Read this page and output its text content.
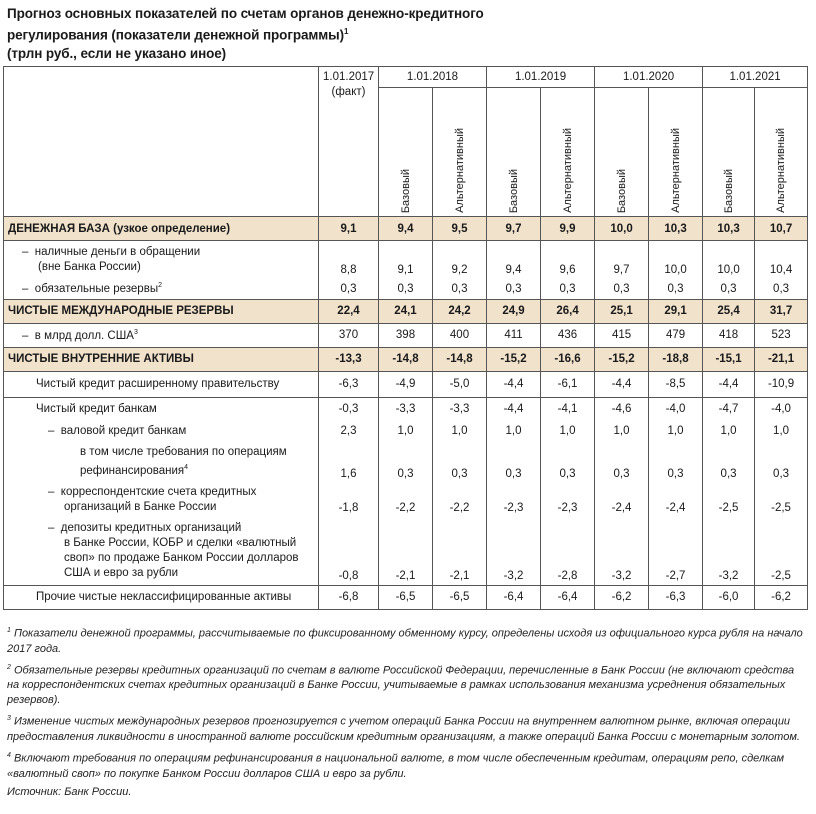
Прогноз основных показателей по счетам органов денежно-кредитного
регулирования (показатели денежной программы)$^1$
(трлн руб., если не указано иное)

	1.01.2017
(факт)	1.01.2018		1.01.2019		1.01.2020		1.01.2021	
		Базовый	Альтернативный	Базовый	Альтернативный	Базовый	Альтернативный	Базовый	Альтернативный
ДЕНЕЖНАЯ БАЗА (узкое определение)	9,1	9,4	9,5	9,7	9,9	10,0	10,3	10,3	10,7

– наличные деньги в обращении
(вне Банка России)	8,8	9,1	9,2	9,4	9,6	9,7	10,0	10,0	10,4
– обязательные резервы$^2$	0,3	0,3	0,3	0,3	0,3	0,3	0,3	0,3	0,3
ЧИСТЫЕ МЕЖДУНАРОДНЫЕ РЕЗЕРВЫ	22,4	24,1	24,2	24,9	26,4	25,1	29,1	25,4	31,7
– в млрд долл. США$^3$	370	398	400	411	436	415	479	418	523
ЧИСТЫЕ ВНУТРЕННИЕ АКТИВЫ	-13,3	-14,8	-14,8	-15,2	-16,6	-15,2	-18,8	-15,1	-21,1
Чистый кредит расширенному правительству	-6,3	-4,9	-5,0	-4,4	-6,1	-4,4	-8,5	-4,4	-10,9
Чистый кредит банкам	-0,3	-3,3	-3,3	-4,4	-4,1	-4,6	-4,0	-4,7	-4,0
– валовой кредит банкам	2,3	1,0	1,0	1,0	1,0	1,0	1,0	1,0	1,0

в том числе требования по операциям
рефинансирования$^4$	1,6	0,3	0,3	0,3	0,3	0,3	0,3	0,3	0,3

– корреспондентские счета кредитных
организаций в Банке России	-1,8	-2,2	-2,2	-2,3	-2,3	-2,4	-2,4	-2,5	-2,5

– депозиты кредитных организаций
в Банке России, КОБР и сделки «валютный
своп» по продаже Банком России долларов
США и евро за рубли	-0,8	-2,1	-2,1	-3,2	-2,8	-3,2	-2,7	-3,2	-2,5
Прочие чистые неклассифицированные активы	-6,8	-6,5	-6,5	-6,4	-6,4	-6,2	-6,3	-6,0	-6,2

$^1$ Показатели денежной программы, рассчитываемые по фиксированному обменному курсу, определены исходя из официального курса рубля на начало 2017 года.

$^2$ Обязательные резервы кредитных организаций по счетам в валюте Российской Федерации, перечисленные в Банк России (не включают средства на корреспондентских счетах кредитных организаций в Банке России, учитываемые в рамках использования механизма усреднения обязательных резервов).

$^3$ Изменение чистых международных резервов прогнозируется с учетом операций Банка России на внутреннем валютном рынке, включая операции предоставления ликвидности в иностранной валюте российским кредитным организациям, а также операций Банка России с монетарным золотом.

$^4$ Включают требования по операциям рефинансирования в национальной валюте, в том числе обеспеченным кредитам, операциям репо, сделкам «валютный своп» по покупке Банком России долларов США и евро за рубли.

Источник: Банк России.
